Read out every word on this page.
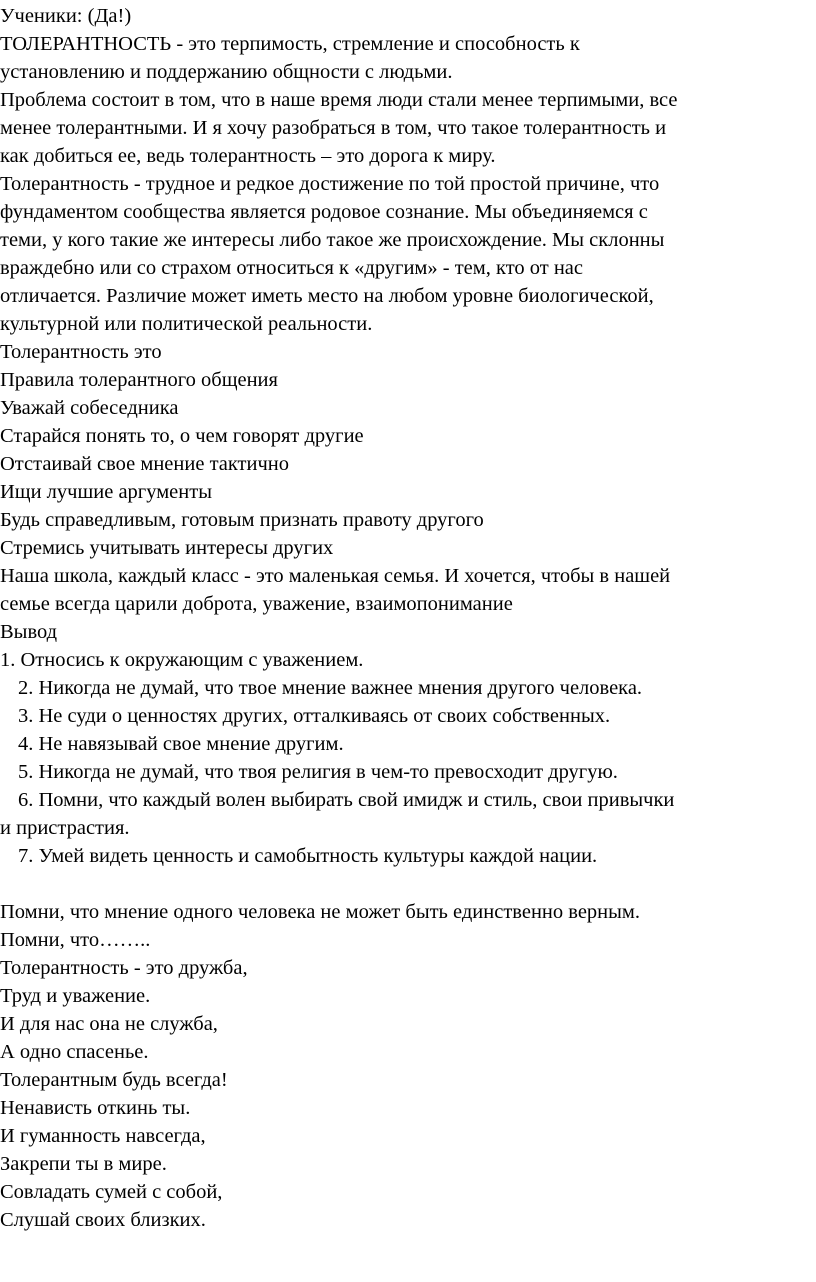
Ученики: (Да!)
ТОЛЕРАНТНОСТЬ - это терпимость, стремление и способность к
установлению и поддержанию общности с людьми.
Проблема состоит в том, что в наше время люди стали менее терпимыми, все
менее толерантными. И я хочу разобраться в том, что такое толерантность и
как добиться ее, ведь толерантность – это дорога к миру.
Толерантность - трудное и редкое достижение по той простой причине, что
фундаментом сообщества является родовое сознание. Мы объединяемся с
теми, у кого такие же интересы либо такое же происхождение. Мы склонны
враждебно или со страхом относиться к «другим» - тем, кто от нас
отличается. Различие может иметь место на любом уровне биологической,
культурной или политической реальности.
Толерантность это
Правила толерантного общения
Уважай собеседника
Старайся понять то, о чем говорят другие
Отстаивай свое мнение тактично
Ищи лучшие аргументы
Будь справедливым, готовым признать правоту другого
Стремись учитывать интересы других
Наша школа, каждый класс - это маленькая семья. И хочется, чтобы в нашей
семье всегда царили доброта, уважение, взаимопонимание
Вывод
1. Относись к окружающим с уважением.
2. Никогда не думай, что твое мнение важнее мнения другого человека.
3. Не суди о ценностях других, отталкиваясь от своих собственных.
4. Не навязывай свое мнение другим.
5. Никогда не думай, что твоя религия в чем-то превосходит другую.
6. Помни, что каждый волен выбирать свой имидж и стиль, свои привычки
и пристрастия.
7. Умей видеть ценность и самобытность культуры каждой нации.
Помни, что мнение одного человека не может быть единственно верным.
Помни, что……..
Толерантность - это дружба,
Труд и уважение.
И для нас она не служба,
А одно спасенье.
Толерантным будь всегда!
Ненависть откинь ты.
И гуманность навсегда,
Закрепи ты в мире.
Совладать сумей с собой,
Слушай своих близких.
